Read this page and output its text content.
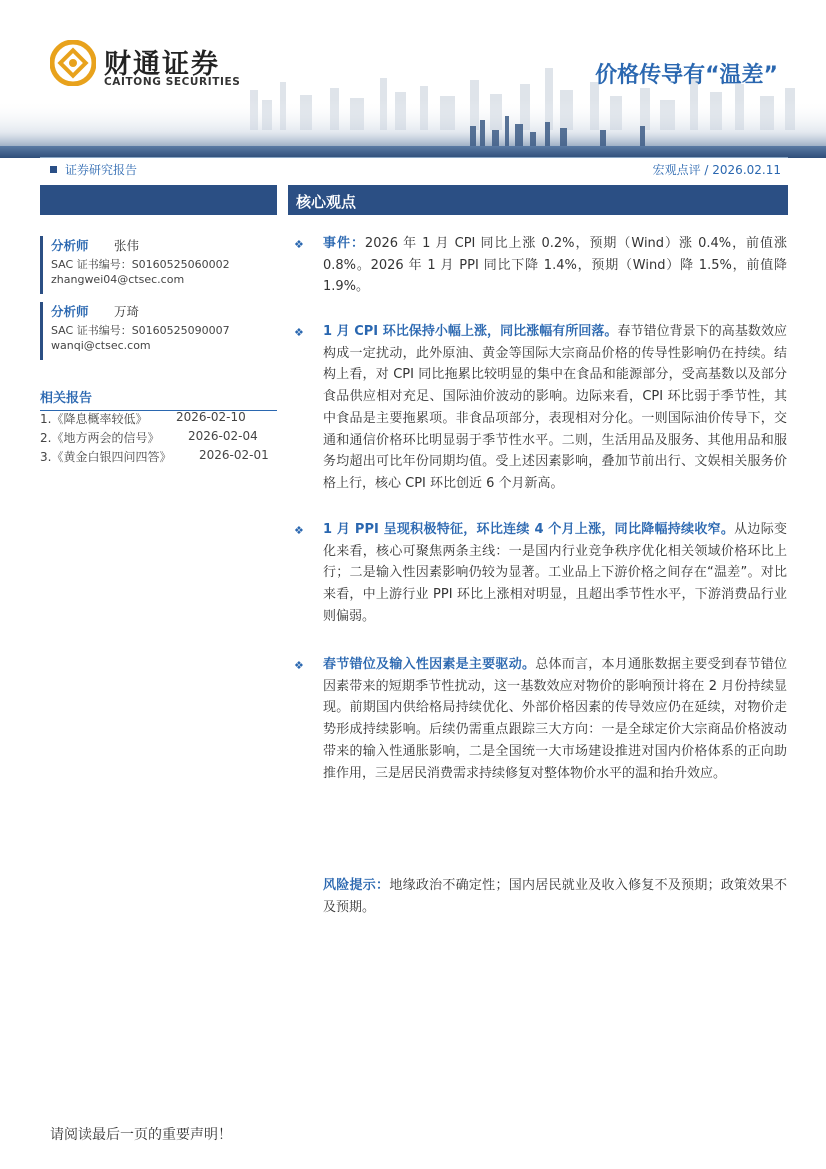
财通证券
CAITONG SECURITIES	价格传导有“温差”
证券研究报告	宏观点评 / 2026.02.11
分析师 张伟
SAC 证书编号：S0160525060002
zhangwei04@ctsec.com
分析师 万琦
SAC 证书编号：S0160525090007
wanqi@ctsec.com
相关报告
1.《降息概率较低》 2026-02-10
2.《地方两会的信号》 2026-02-04
3.《黄金白银四问四答》 2026-02-01
核心观点
❖ 事件：2026 年 1 月 CPI 同比上涨 0.2%，预期（Wind）涨 0.4%，前值涨 0.8%。2026 年 1 月 PPI 同比下降 1.4%，预期（Wind）降 1.5%，前值降 1.9%。
❖ 1 月 CPI 环比保持小幅上涨，同比涨幅有所回落。春节错位背景下的高基数效应构成一定扰动，此外原油、黄金等国际大宗商品价格的传导性影响仍在持续。结构上看，对 CPI 同比拖累比较明显的集中在食品和能源部分，受高基数以及部分食品供应相对充足、国际油价波动的影响。边际来看，CPI 环比弱于季节性，其中食品是主要拖累项。非食品项部分，表现相对分化。一则国际油价传导下，交通和通信价格环比明显弱于季节性水平。二则，生活用品及服务、其他用品和服务均超出可比年份同期均值。受上述因素影响，叠加节前出行、文娱相关服务价格上行，核心 CPI 环比创近 6 个月新高。
❖ 1 月 PPI 呈现积极特征，环比连续 4 个月上涨，同比降幅持续收窄。从边际变化来看，核心可聚焦两条主线：一是国内行业竞争秩序优化相关领域价格环比上行；二是输入性因素影响仍较为显著。工业品上下游价格之间存在“温差”。对比来看，中上游行业 PPI 环比上涨相对明显，且超出季节性水平，下游消费品行业则偏弱。
❖ 春节错位及输入性因素是主要驱动。总体而言，本月通胀数据主要受到春节错位因素带来的短期季节性扰动，这一基数效应对物价的影响预计将在 2 月份持续显现。前期国内供给格局持续优化、外部价格因素的传导效应仍在延续，对物价走势形成持续影响。后续仍需重点跟踪三大方向：一是全球定价大宗商品价格波动带来的输入性通胀影响，二是全国统一大市场建设推进对国内价格体系的正向助推作用，三是居民消费需求持续修复对整体物价水平的温和抬升效应。
风险提示：地缘政治不确定性；国内居民就业及收入修复不及预期；政策效果不及预期。
请阅读最后一页的重要声明！
